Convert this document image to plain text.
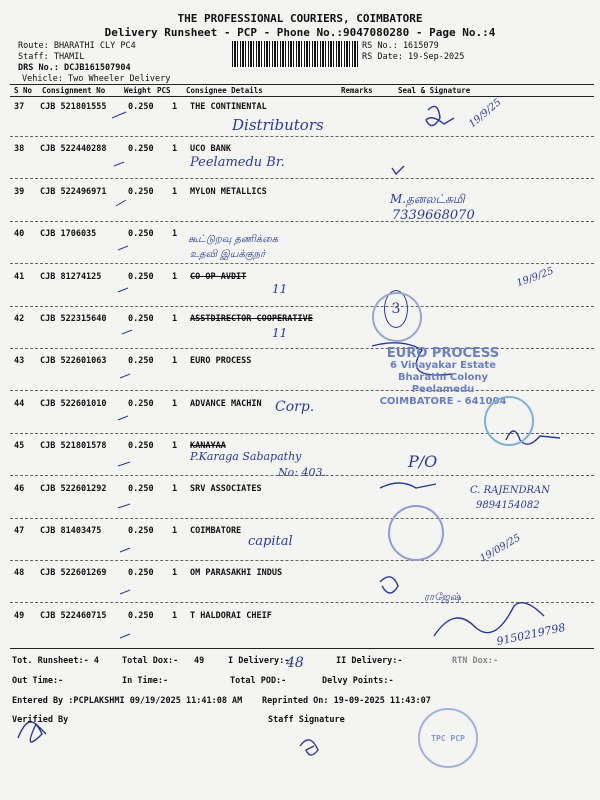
THE PROFESSIONAL COURIERS, COIMBATORE
Delivery Runsheet - PCP - Phone No.:9047080280 - Page No.:4
Route: BHARATHI CLY PC4
Staff: THAMIL
DRS No.: DCJB161507904
Vehicle: Two Wheeler Delivery
RS No.: 1615079
RS Date: 19-Sep-2025
S No Consignment No	Weight PCS Consignee Details	Remarks	Seal & Signature
37 CJB 521801555	0.250 1 THE CONTINENTAL
38 CJB 522440288	0.250 1 UCO BANK
39 CJB 522496971	0.250 1 MYLON METALLICS
40 CJB 1706035	0.250 1
41 CJB 81274125	0.250 1 CO OP AVDIT
42 CJB 522315640	0.250 1 ASSTDIRECTOR COOPERATIVE
43 CJB 522601063	0.250 1 EURO PROCESS
44 CJB 522601010	0.250 1 ADVANCE MACHIN
45 CJB 521801578	0.250 1 KANAYAA
46 CJB 522601292	0.250 1 SRV ASSOCIATES
47 CJB 81403475	0.250 1 COIMBATORE
48 CJB 522601269	0.250 1 OM PARASAKHI INDUS
49 CJB 522460715	0.250 1 T HALDORAI CHEIF
Distributors
Peelamedu Br.
M.தனலட்சுமி
7339668070
கூட்டுறவு தணிக்கை
உதவி இயக்குநர்
11
11
Corp.
P.Karaga Sabapathy
No: 403.
P/O
C. RAJENDRAN
9894154082
capital
ராஜேஷ்
9150219798
19/9/25
19/9/25
19/09/25
48
3
EURO PROCESS
6 Vinayakar Estate
Bharathi Colony
Peelamedu
COIMBATORE - 641004
TPC PCP
Tot. Runsheet:- 4	Total Dox:- 49	I Delivery:-	II Delivery:-	RTN Dox:-
Out Time:-	In Time:-	Total POD:-	Delvy Points:-
Entered By :PCPLAKSHMI 09/19/2025 11:41:08 AM Reprinted On: 19-09-2025 11:43:07
Verified By	Staff Signature
